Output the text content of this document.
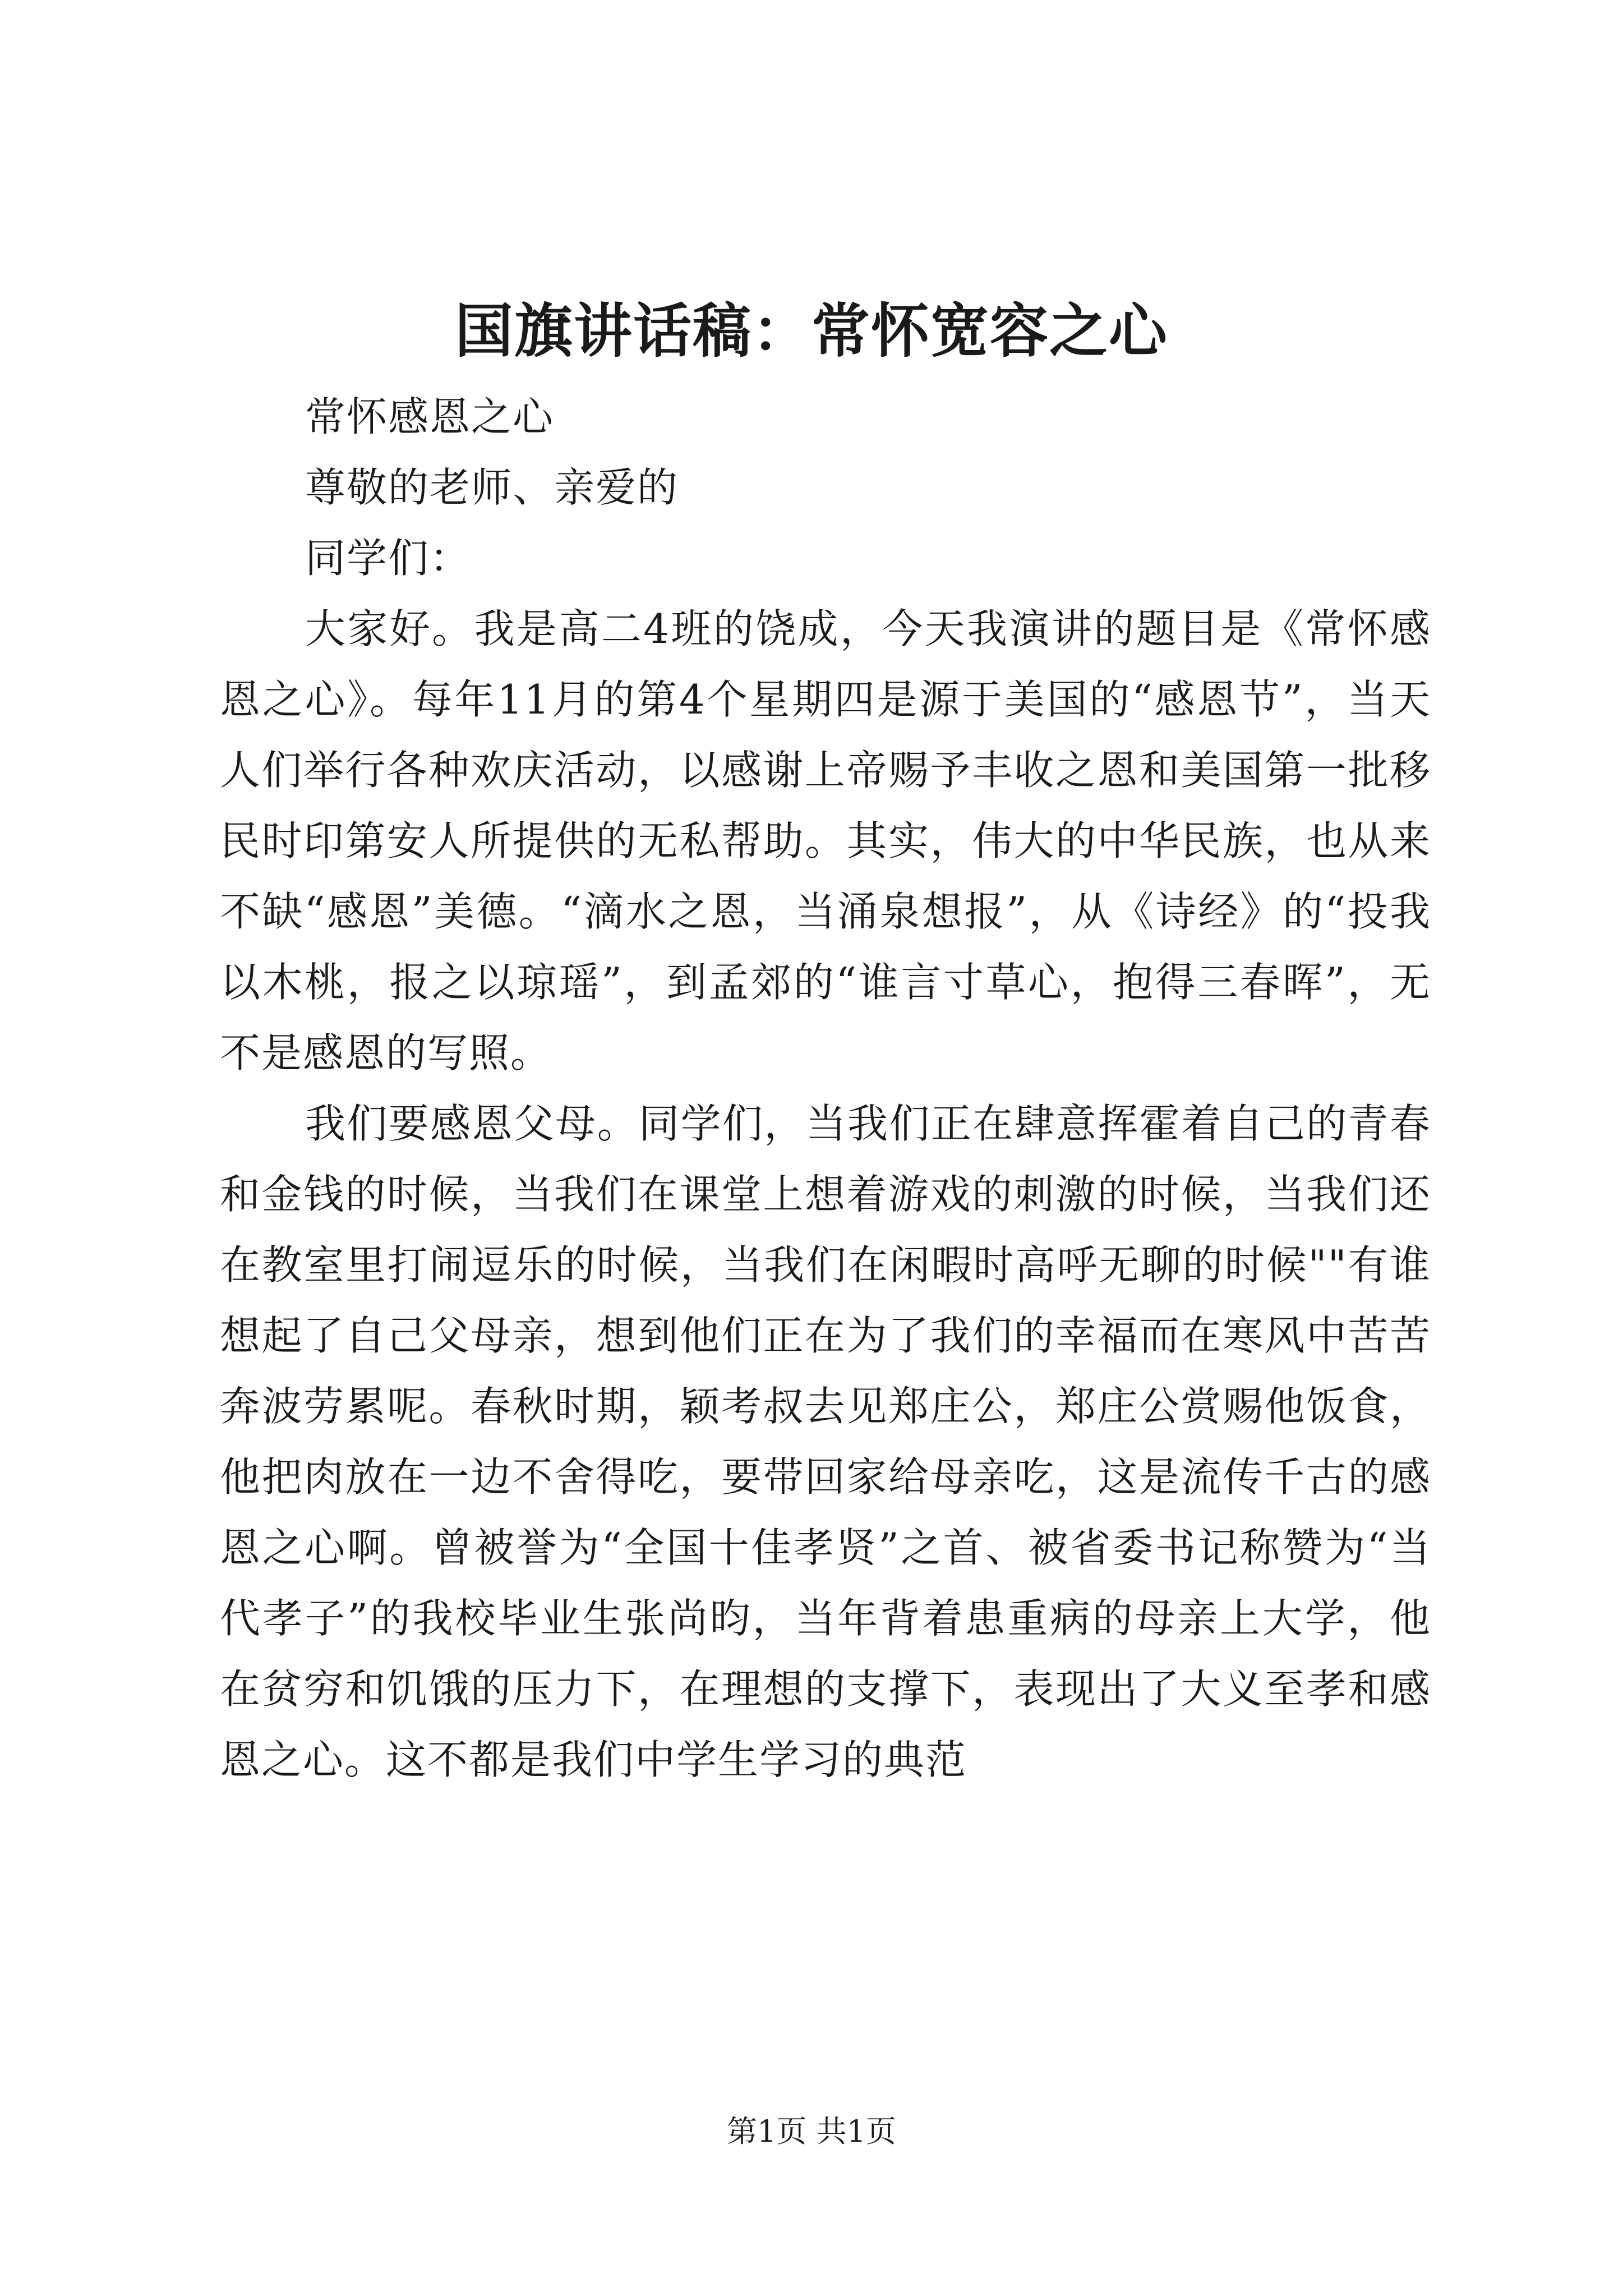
国旗讲话稿：常怀宽容之心

常怀感恩之心

尊敬的老师、亲爱的

同学们：

大家好。我是高二4班的饶成，今天我演讲的题目是《常怀感恩之心》。每年11月的第4个星期四是源于美国的“感恩节”，当天人们举行各种欢庆活动，以感谢上帝赐予丰收之恩和美国第一批移民时印第安人所提供的无私帮助。其实，伟大的中华民族，也从来不缺“感恩”美德。“滴水之恩，当涌泉想报”，从《诗经》的“投我以木桃，报之以琼瑶”，到孟郊的“谁言寸草心，抱得三春晖”，无不是感恩的写照。

我们要感恩父母。同学们，当我们正在肆意挥霍着自己的青春和金钱的时候，当我们在课堂上想着游戏的刺激的时候，当我们还在教室里打闹逗乐的时候，当我们在闲暇时高呼无聊的时候""有谁想起了自己父母亲，想到他们正在为了我们的幸福而在寒风中苦苦奔波劳累呢。春秋时期，颖考叔去见郑庄公，郑庄公赏赐他饭食，他把肉放在一边不舍得吃，要带回家给母亲吃，这是流传千古的感恩之心啊。曾被誉为“全国十佳孝贤”之首、被省委书记称赞为“当代孝子”的我校毕业生张尚昀，当年背着患重病的母亲上大学，他在贫穷和饥饿的压力下，在理想的支撑下，表现出了大义至孝和感恩之心。这不都是我们中学生学习的典范

第1页 共1页
